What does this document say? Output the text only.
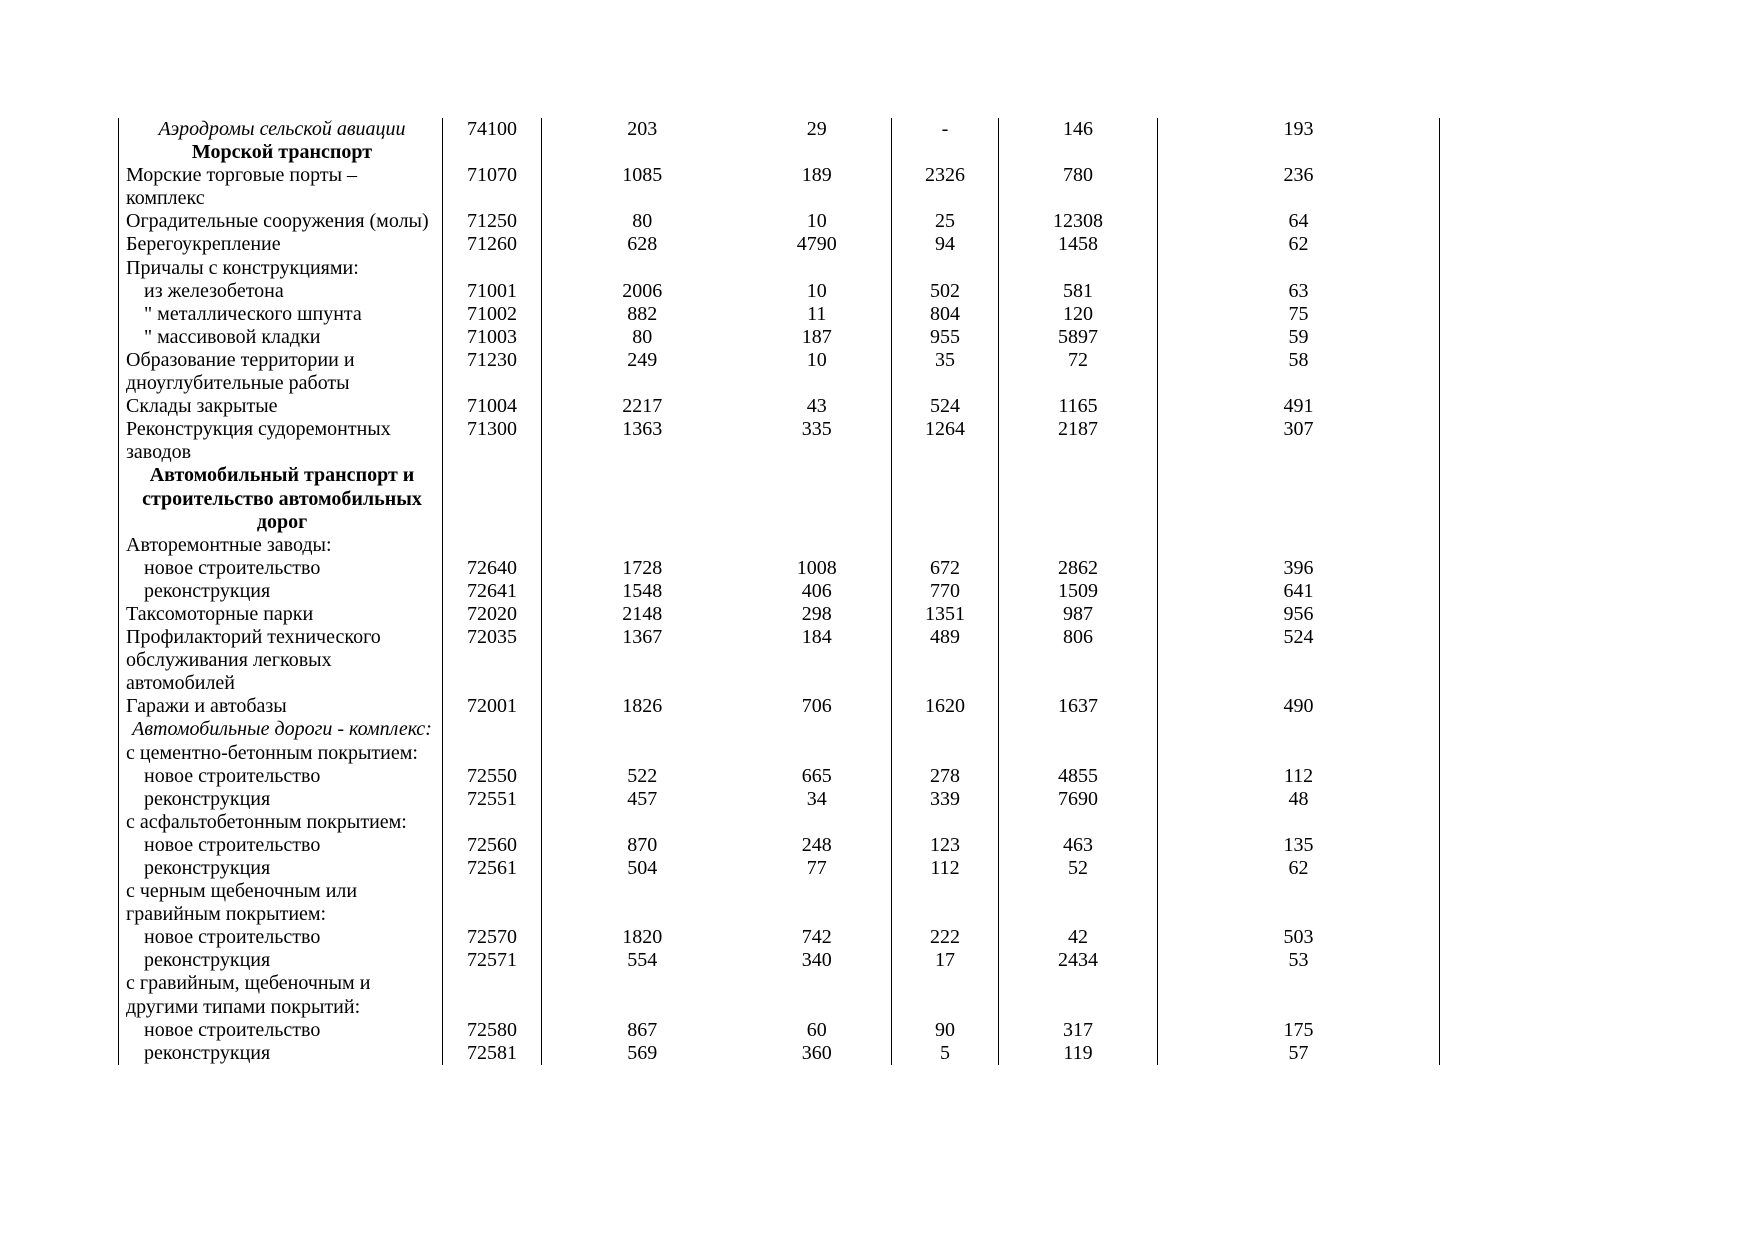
Аэродромы сельской авиации	74100	203	29	-	146	193
Морской транспорт						
Морские торговые порты – комплекс	71070	1085	189	2326	780	236
Оградительные сооружения (молы)	71250	80	10	25	12308	64
Берегоукрепление	71260	628	4790	94	1458	62
Причалы с конструкциями:						
из железобетона	71001	2006	10	502	581	63
" металлического шпунта	71002	882	11	804	120	75
" массивовой кладки	71003	80	187	955	5897	59
Образование территории и дноуглубительные работы	71230	249	10	35	72	58
Склады закрытые	71004	2217	43	524	1165	491
Реконструкция судоремонтных заводов	71300	1363	335	1264	2187	307
Автомобильный транспорт и строительство автомобильных дорог						
Авторемонтные заводы:						
новое строительство	72640	1728	1008	672	2862	396
реконструкция	72641	1548	406	770	1509	641
Таксомоторные парки	72020	2148	298	1351	987	956
Профилакторий технического обслуживания легковых автомобилей	72035	1367	184	489	806	524
Гаражи и автобазы	72001	1826	706	1620	1637	490
Автомобильные дороги - комплекс:						
с цементно-бетонным покрытием:						
новое строительство	72550	522	665	278	4855	112
реконструкция	72551	457	34	339	7690	48
с асфальтобетонным покрытием:						
новое строительство	72560	870	248	123	463	135
реконструкция	72561	504	77	112	52	62
с черным щебеночным или гравийным покрытием:						
новое строительство	72570	1820	742	222	42	503
реконструкция	72571	554	340	17	2434	53
с гравийным, щебеночным и другими типами покрытий:						
новое строительство	72580	867	60	90	317	175
реконструкция	72581	569	360	5	119	57
